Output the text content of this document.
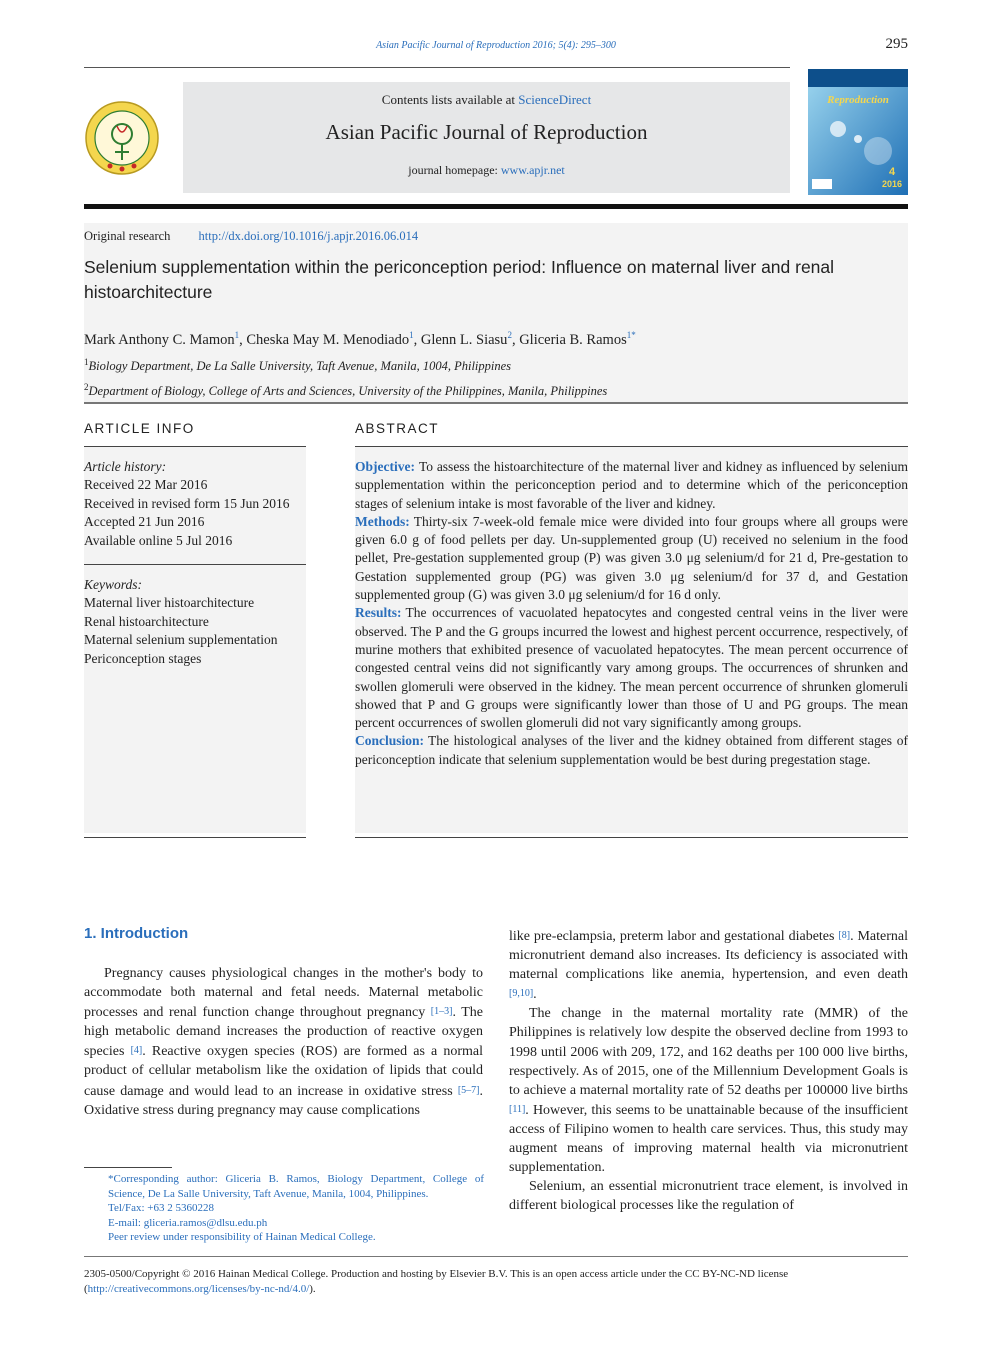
Asian Pacific Journal of Reproduction 2016; 5(4): 295–300	295
Contents lists available at ScienceDirect
Asian Pacific Journal of Reproduction
journal homepage: www.apjr.net
Reproduction
4
2016
Original research http://dx.doi.org/10.1016/j.apjr.2016.06.014
Selenium supplementation within the periconception period: Influence on maternal liver and renal histoarchitecture
Mark Anthony C. Mamon$^1$, Cheska May M. Menodiado$^1$, Glenn L. Siasu$^2$, Gliceria B. Ramos$^{1*}$
$^1$Biology Department, De La Salle University, Taft Avenue, Manila, 1004, Philippines
$^2$Department of Biology, College of Arts and Sciences, University of the Philippines, Manila, Philippines
ARTICLE INFO
Article history:
Received 22 Mar 2016
Received in revised form 15 Jun 2016
Accepted 21 Jun 2016
Available online 5 Jul 2016
Keywords:
Maternal liver histoarchitecture
Renal histoarchitecture
Maternal selenium supplementation
Periconception stages
ABSTRACT
Objective: To assess the histoarchitecture of the maternal liver and kidney as influenced by selenium supplementation within the periconception period and to determine which of the periconception stages of selenium intake is most favorable of the liver and kidney.
Methods: Thirty-six 7-week-old female mice were divided into four groups where all groups were given 6.0 g of food pellets per day. Un-supplemented group (U) received no selenium in the food pellet, Pre-gestation supplemented group (P) was given 3.0 μg selenium/d for 21 d, Pre-gestation to Gestation supplemented group (PG) was given 3.0 μg selenium/d for 37 d, and Gestation supplemented group (G) was given 3.0 μg selenium/d for 16 d only.
Results: The occurrences of vacuolated hepatocytes and congested central veins in the liver were observed. The P and the G groups incurred the lowest and highest percent occurrence, respectively, of murine mothers that exhibited presence of vacuolated hepatocytes. The mean percent occurrence of congested central veins did not significantly vary among groups. The occurrences of shrunken and swollen glomeruli were observed in the kidney. The mean percent occurrence of shrunken glomeruli showed that P and G groups were significantly lower than those of U and PG groups. The mean percent occurrences of swollen glomeruli did not vary significantly among groups.
Conclusion: The histological analyses of the liver and the kidney obtained from different stages of periconception indicate that selenium supplementation would be best during pregestation stage.
1. Introduction

Pregnancy causes physiological changes in the mother's body to accommodate both maternal and fetal needs. Maternal metabolic processes and renal function change throughout pregnancy [1–3]. The high metabolic demand increases the production of reactive oxygen species [4]. Reactive oxygen species (ROS) are formed as a normal product of cellular metabolism like the oxidation of lipids that could cause damage and would lead to an increase in oxidative stress [5–7]. Oxidative stress during pregnancy may cause complications

like pre-eclampsia, preterm labor and gestational diabetes [8]. Maternal micronutrient demand also increases. Its deficiency is associated with maternal complications like anemia, hypertension, and even death [9,10].

The change in the maternal mortality rate (MMR) of the Philippines is relatively low despite the observed decline from 1993 to 1998 until 2006 with 209, 172, and 162 deaths per 100 000 live births, respectively. As of 2015, one of the Millennium Development Goals is to achieve a maternal mortality rate of 52 deaths per 100000 live births [11]. However, this seems to be unattainable because of the insufficient access of Filipino women to health care services. Thus, this study may augment means of improving maternal health via micronutrient supplementation.

Selenium, an essential micronutrient trace element, is involved in different biological processes like the regulation of

*Corresponding author: Gliceria B. Ramos, Biology Department, College of Science, De La Salle University, Taft Avenue, Manila, 1004, Philippines.
Tel/Fax: +63 2 5360228
E-mail: gliceria.ramos@dlsu.edu.ph
Peer review under responsibility of Hainan Medical College.
2305-0500/Copyright © 2016 Hainan Medical College. Production and hosting by Elsevier B.V. This is an open access article under the CC BY-NC-ND license (http://creativecommons.org/licenses/by-nc-nd/4.0/).
